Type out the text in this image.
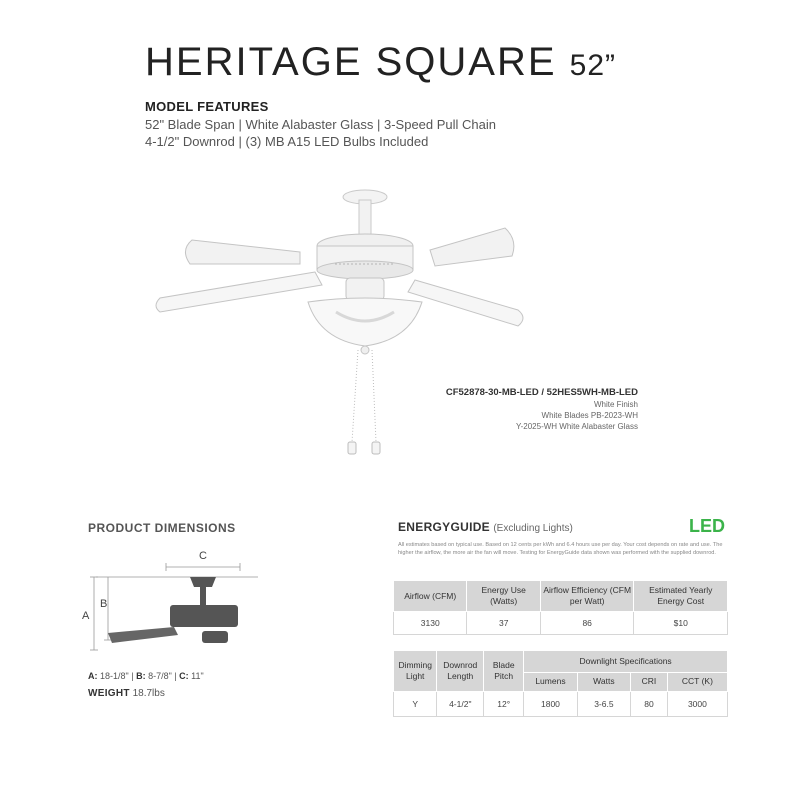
HERITAGE SQUARE 52”
MODEL FEATURES
52" Blade Span | White Alabaster Glass | 3-Speed Pull Chain
4-1/2" Downrod | (3) MB A15 LED Bulbs Included
CF52878-30-MB-LED / 52HES5WH-MB-LED
White Finish
White Blades PB-2023-WH
Y-2025-WH White Alabaster Glass
PRODUCT DIMENSIONS
A
B
C
A: 18-1/8" | B: 8-7/8" | C: 11"
WEIGHT 18.7lbs
ENERGYGUIDE (Excluding Lights)	LED
All estimates based on typical use. Based on 12 cents per kWh and 6.4 hours use per day. Your cost depends on rate and use. The higher the airflow, the more air the fan will move. Testing for EnergyGuide data shown was performed with the supplied downrod.
Airflow (CFM)	Energy Use (Watts)	Airflow Efficiency (CFM per Watt)	Estimated Yearly Energy Cost
3130	37	86	$10
Dimming Light	Downrod Length	Blade Pitch	Downlight Specifications			
			Lumens	Watts	CRI	CCT (K)
Y	4-1/2"	12°	1800	3-6.5	80	3000
